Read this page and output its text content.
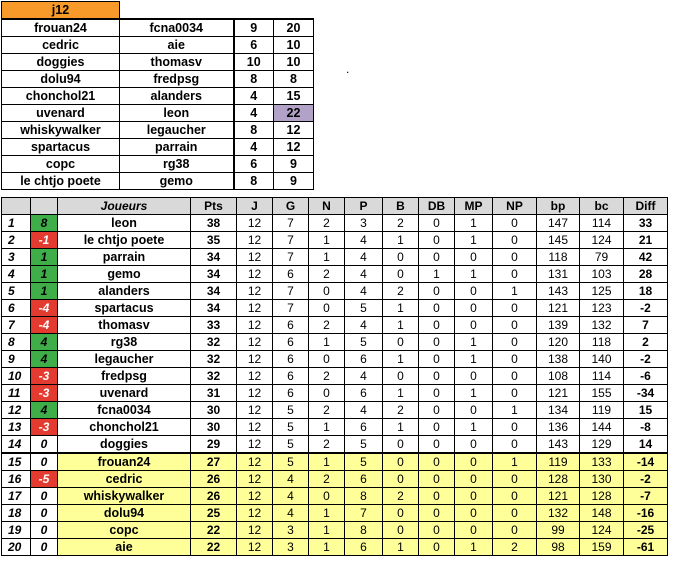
.
j12			
frouan24	fcna0034	9	20
cedric	aie	6	10
doggies	thomasv	10	10
dolu94	fredpsg	8	8
chonchol21	alanders	4	15
uvenard	leon	4	22
whiskywalker	legaucher	8	12
spartacus	parrain	4	12
copc	rg38	6	9
le chtjo poete	gemo	8	9
		Joueurs	Pts	J	G	N	P	B	DB	MP	NP	bp	bc	Diff
1	8	leon	38	12	7	2	3	2	0	1	0	147	114	33
2	-1	le chtjo poete	35	12	7	1	4	1	0	1	0	145	124	21
3	1	parrain	34	12	7	1	4	0	0	0	0	118	79	42
4	1	gemo	34	12	6	2	4	0	1	1	0	131	103	28
5	1	alanders	34	12	7	0	4	2	0	0	1	143	125	18
6	-4	spartacus	34	12	7	0	5	1	0	0	0	121	123	-2
7	-4	thomasv	33	12	6	2	4	1	0	0	0	139	132	7
8	4	rg38	32	12	6	1	5	0	0	1	0	120	118	2
9	4	legaucher	32	12	6	0	6	1	0	1	0	138	140	-2
10	-3	fredpsg	32	12	6	2	4	0	0	0	0	108	114	-6
11	-3	uvenard	31	12	6	0	6	1	0	1	0	121	155	-34
12	4	fcna0034	30	12	5	2	4	2	0	0	1	134	119	15
13	-3	chonchol21	30	12	5	1	6	1	0	1	0	136	144	-8
14	0	doggies	29	12	5	2	5	0	0	0	0	143	129	14
15	0	frouan24	27	12	5	1	5	0	0	0	1	119	133	-14
16	-5	cedric	26	12	4	2	6	0	0	0	0	128	130	-2
17	0	whiskywalker	26	12	4	0	8	2	0	0	0	121	128	-7
18	0	dolu94	25	12	4	1	7	0	0	0	0	132	148	-16
19	0	copc	22	12	3	1	8	0	0	0	0	99	124	-25
20	0	aie	22	12	3	1	6	1	0	1	2	98	159	-61
